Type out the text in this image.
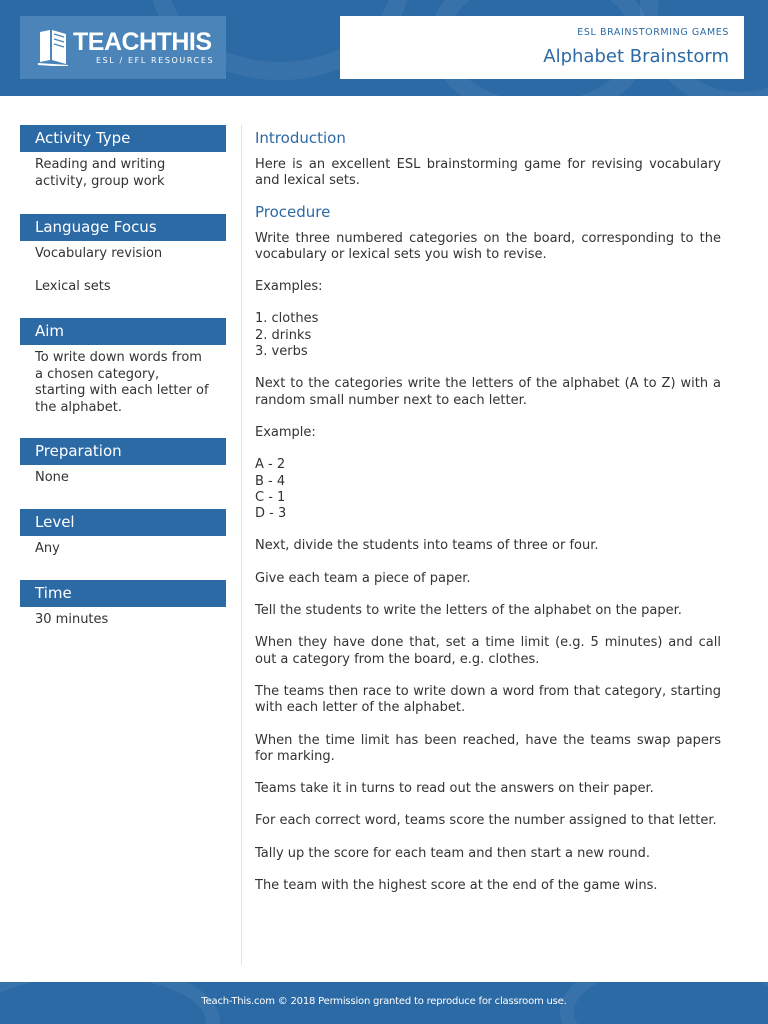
TEACHTHIS
ESL / EFL RESOURCES
ESL BRAINSTORMING GAMES
Alphabet Brainstorm
Activity Type

Reading and writing activity, group work

Language Focus

Vocabulary revision

Lexical sets

Aim

To write down words from a chosen category, starting with each letter of the alphabet.

Preparation

None

Level

Any

Time

30 minutes

Introduction

Here is an excellent ESL brainstorming game for revising vocabulary and lexical sets.

Procedure

Write three numbered categories on the board, corresponding to the vocabulary or lexical sets you wish to revise.

Examples:

1. clothes

2. drinks

3. verbs

Next to the categories write the letters of the alphabet (A to Z) with a random small number next to each letter.

Example:

A - 2

B - 4

C - 1

D - 3

Next, divide the students into teams of three or four.

Give each team a piece of paper.

Tell the students to write the letters of the alphabet on the paper.

When they have done that, set a time limit (e.g. 5 minutes) and call out a category from the board, e.g. clothes.

The teams then race to write down a word from that category, starting with each letter of the alphabet.

When the time limit has been reached, have the teams swap papers for marking.

Teams take it in turns to read out the answers on their paper.

For each correct word, teams score the number assigned to that letter.

Tally up the score for each team and then start a new round.

The team with the highest score at the end of the game wins.

Teach-This.com © 2018 Permission granted to reproduce for classroom use.
